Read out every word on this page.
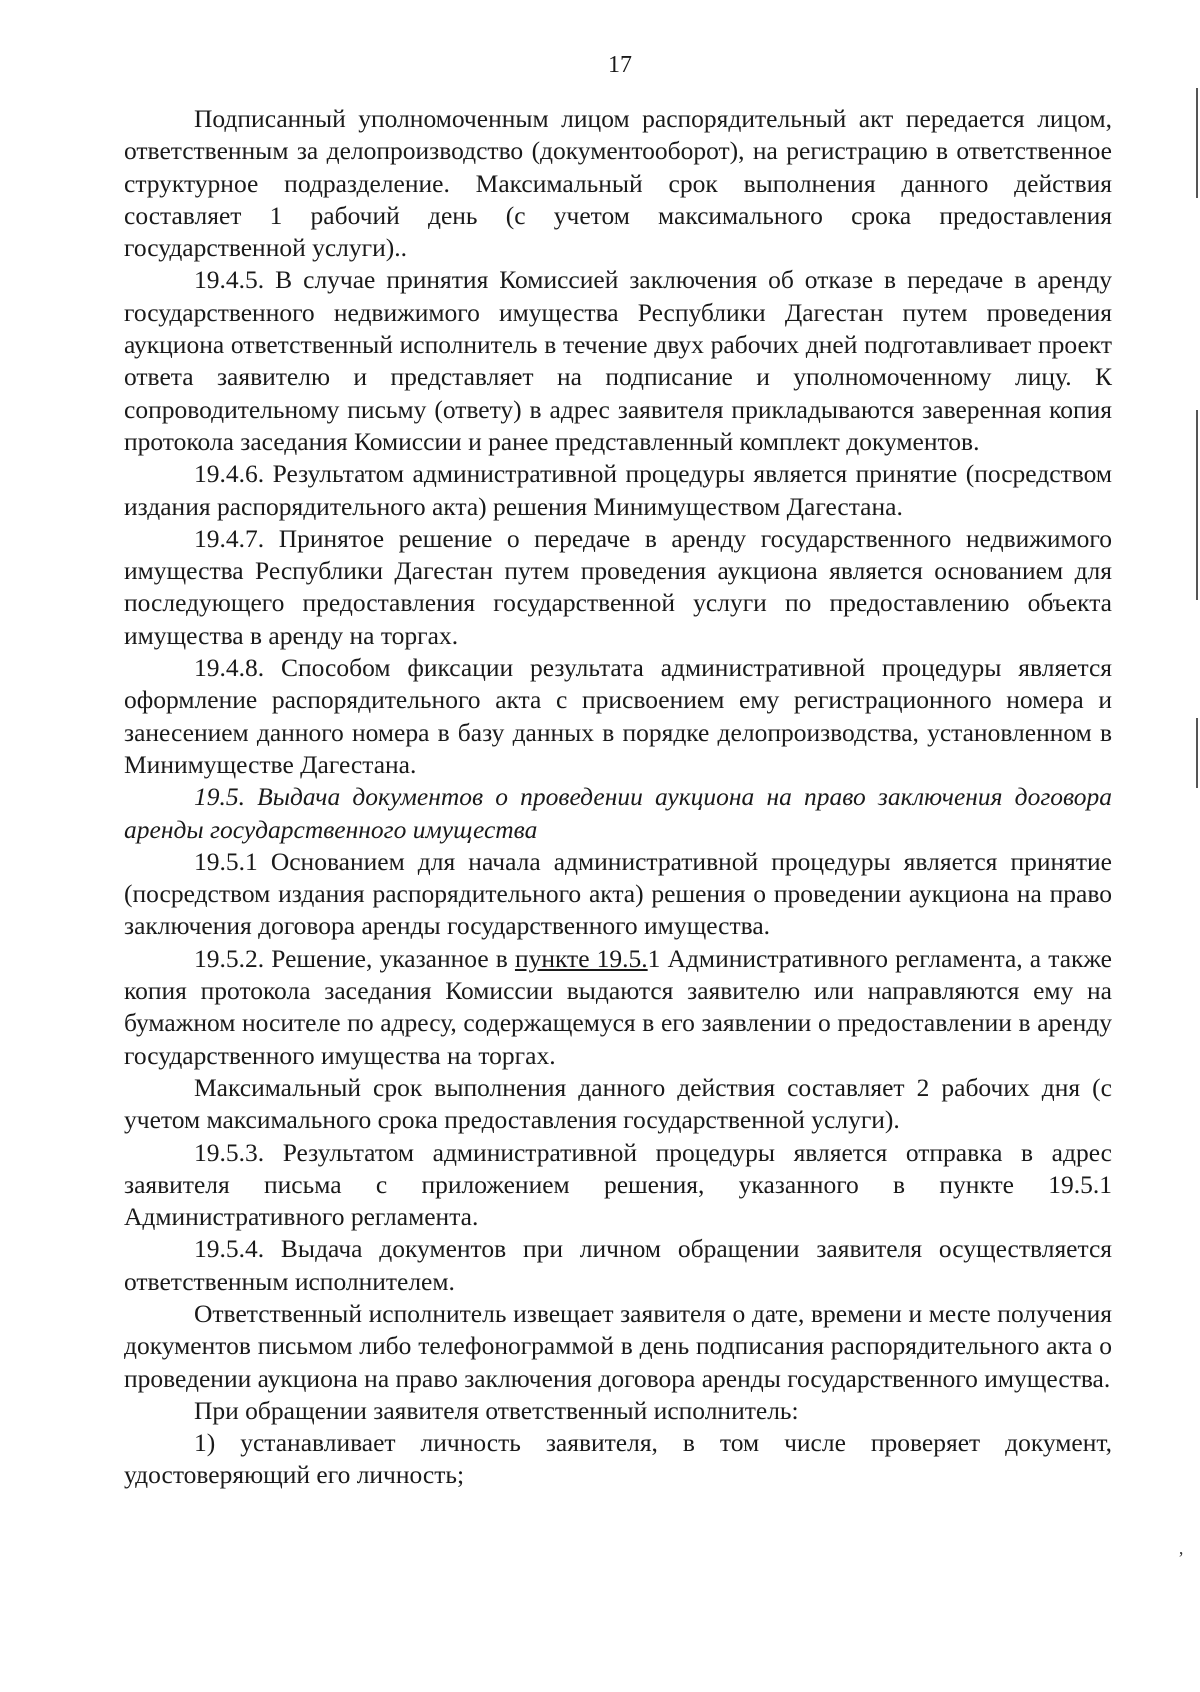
17

Подписанный уполномоченным лицом распорядительный акт передается лицом, ответственным за делопроизводство (документооборот), на регистрацию в ответственное структурное подразделение. Максимальный срок выполнения данного действия составляет 1 рабочий день (с учетом максимального срока предоставления государственной услуги)..

19.4.5. В случае принятия Комиссией заключения об отказе в передаче в аренду государственного недвижимого имущества Республики Дагестан путем проведения аукциона ответственный исполнитель в течение двух рабочих дней подготавливает проект ответа заявителю и представляет на подписание и уполномоченному лицу. К сопроводительному письму (ответу) в адрес заявителя прикладываются заверенная копия протокола заседания Комиссии и ранее представленный комплект документов.

19.4.6. Результатом административной процедуры является принятие (посредством издания распорядительного акта) решения Минимуществом Дагестана.

19.4.7. Принятое решение о передаче в аренду государственного недвижимого имущества Республики Дагестан путем проведения аукциона является основанием для последующего предоставления государственной услуги по предоставлению объекта имущества в аренду на торгах.

19.4.8. Способом фиксации результата административной процедуры является оформление распорядительного акта с присвоением ему регистрационного номера и занесением данного номера в базу данных в порядке делопроизводства, установленном в Минимуществе Дагестана.

19.5. Выдача документов о проведении аукциона на право заключения договора аренды государственного имущества

19.5.1 Основанием для начала административной процедуры является принятие (посредством издания распорядительного акта) решения о проведении аукциона на право заключения договора аренды государственного имущества.

19.5.2. Решение, указанное в пункте 19.5.1 Административного регламента, а также копия протокола заседания Комиссии выдаются заявителю или направляются ему на бумажном носителе по адресу, содержащемуся в его заявлении о предоставлении в аренду государственного имущества на торгах.

Максимальный срок выполнения данного действия составляет 2 рабочих дня (с учетом максимального срока предоставления государственной услуги).

19.5.3. Результатом административной процедуры является отправка в адрес заявителя письма с приложением решения, указанного в пункте 19.5.1 Административного регламента.

19.5.4. Выдача документов при личном обращении заявителя осуществляется ответственным исполнителем.

Ответственный исполнитель извещает заявителя о дате, времени и месте получения документов письмом либо телефонограммой в день подписания распорядительного акта о проведении аукциона на право заключения договора аренды государственного имущества.

При обращении заявителя ответственный исполнитель:

1) устанавливает личность заявителя, в том числе проверяет документ, удостоверяющий его личность;

’
